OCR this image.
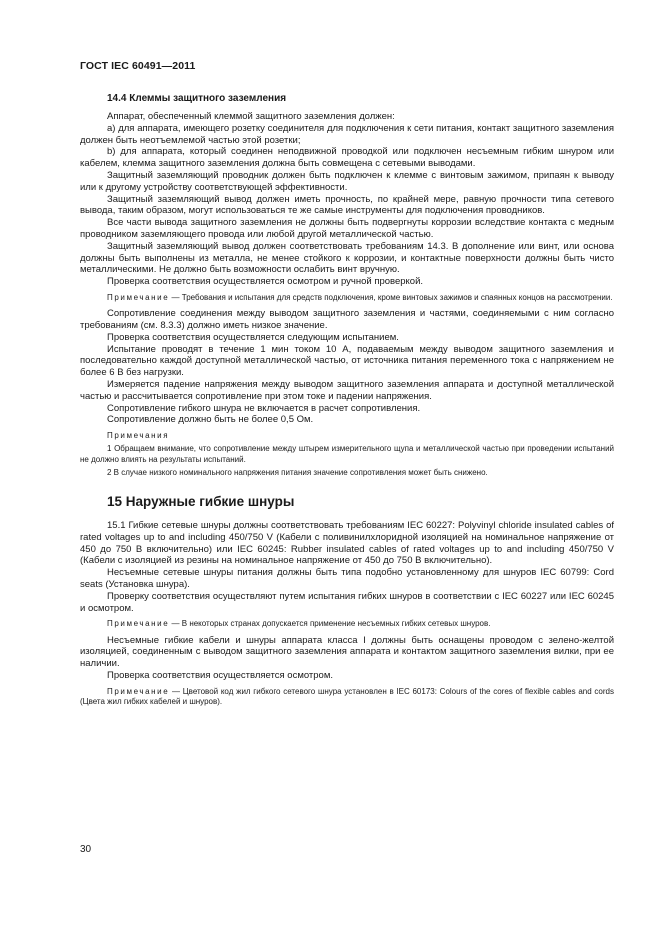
ГОСТ IEC 60491—2011
14.4 Клеммы защитного заземления

Аппарат, обеспеченный клеммой защитного заземления должен:

a) для аппарата, имеющего розетку соединителя для подключения к сети питания, контакт защитного заземления должен быть неотъемлемой частью этой розетки;

b) для аппарата, который соединен неподвижной проводкой или подключен несъемным гибким шнуром или кабелем, клемма защитного заземления должна быть совмещена с сетевыми выводами.

Защитный заземляющий проводник должен быть подключен к клемме с винтовым зажимом, припаян к выводу или к другому устройству соответствующей эффективности.

Защитный заземляющий вывод должен иметь прочность, по крайней мере, равную прочности типа сетевого вывода, таким образом, могут использоваться те же самые инструменты для подключения проводников.

Все части вывода защитного заземления не должны быть подвергнуты коррозии вследствие контакта с медным проводником заземляющего провода или любой другой металлической частью.

Защитный заземляющий вывод должен соответствовать требованиям 14.3. В дополнение или винт, или основа должны быть выполнены из металла, не менее стойкого к коррозии, и контактные поверхности должны быть чисто металлическими. Не должно быть возможности ослабить винт вручную.

Проверка соответствия осуществляется осмотром и ручной проверкой.

Примечание — Требования и испытания для средств подключения, кроме винтовых зажимов и спаянных концов на рассмотрении.

Сопротивление соединения между выводом защитного заземления и частями, соединяемыми с ним согласно требованиям (см. 8.3.3) должно иметь низкое значение.

Проверка соответствия осуществляется следующим испытанием.

Испытание проводят в течение 1 мин током 10 А, подаваемым между выводом защитного заземления и последовательно каждой доступной металлической частью, от источника питания переменного тока с напряжением не более 6 В без нагрузки.

Измеряется падение напряжения между выводом защитного заземления аппарата и доступной металлической частью и рассчитывается сопротивление при этом токе и падении напряжения.

Сопротивление гибкого шнура не включается в расчет сопротивления.

Сопротивление должно быть не более 0,5 Ом.

Примечания

1 Обращаем внимание, что сопротивление между штырем измерительного щупа и металлической частью при проведении испытаний не должно влиять на результаты испытаний.

2 В случае низкого номинального напряжения питания значение сопротивления может быть снижено.

15 Наружные гибкие шнуры

15.1 Гибкие сетевые шнуры должны соответствовать требованиям IEC 60227: Polyvinyl chloride insulated cables of rated voltages up to and including 450/750 V (Кабели с поливинилхлоридной изоляцией на номинальное напряжение от 450 до 750 В включительно) или IEC 60245: Rubber insulated cables of rated voltages up to and including 450/750 V (Кабели с изоляцией из резины на номинальное напряжение от 450 до 750 В включительно).

Несъемные сетевые шнуры питания должны быть типа подобно установленному для шнуров IEC 60799: Cord seats (Установка шнура).

Проверку соответствия осуществляют путем испытания гибких шнуров в соответствии с IEC 60227 или IEC 60245 и осмотром.

Примечание — В некоторых странах допускается применение несъемных гибких сетевых шнуров.

Несъемные гибкие кабели и шнуры аппарата класса I должны быть оснащены проводом с зелено-желтой изоляцией, соединенным с выводом защитного заземления аппарата и контактом защитного заземления вилки, при ее наличии.

Проверка соответствия осуществляется осмотром.

Примечание — Цветовой код жил гибкого сетевого шнура установлен в IEC 60173: Colours of the cores of flexible cables and cords (Цвета жил гибких кабелей и шнуров).

30
